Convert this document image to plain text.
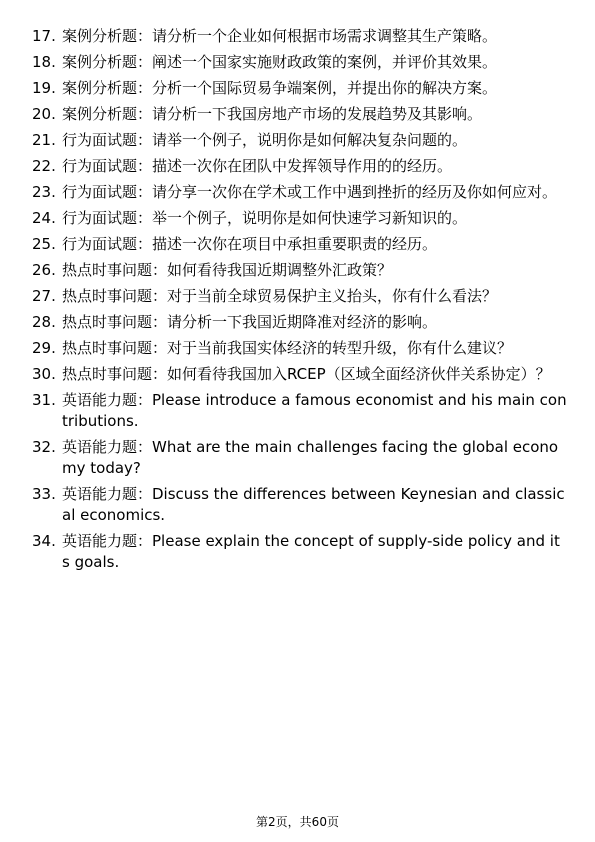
17. 案例分析题：请分析一个企业如何根据市场需求调整其生产策略。
18. 案例分析题：阐述一个国家实施财政政策的案例，并评价其效果。
19. 案例分析题：分析一个国际贸易争端案例，并提出你的解决方案。
20. 案例分析题：请分析一下我国房地产市场的发展趋势及其影响。
21. 行为面试题：请举一个例子，说明你是如何解决复杂问题的。
22. 行为面试题：描述一次你在团队中发挥领导作用的的经历。
23. 行为面试题：请分享一次你在学术或工作中遇到挫折的经历及你如何应对。
24. 行为面试题：举一个例子，说明你是如何快速学习新知识的。
25. 行为面试题：描述一次你在项目中承担重要职责的经历。
26. 热点时事问题：如何看待我国近期调整外汇政策？
27. 热点时事问题：对于当前全球贸易保护主义抬头，你有什么看法？
28. 热点时事问题：请分析一下我国近期降准对经济的影响。
29. 热点时事问题：对于当前我国实体经济的转型升级，你有什么建议？
30. 热点时事问题：如何看待我国加入RCEP（区域全面经济伙伴关系协定）？
31. 英语能力题：Please introduce a famous economist and his main contributions.
32. 英语能力题：What are the main challenges facing the global economy today?
33. 英语能力题：Discuss the differences between Keynesian and classical economics.
34. 英语能力题：Please explain the concept of supply-side policy and its goals.
第2页，共60页
